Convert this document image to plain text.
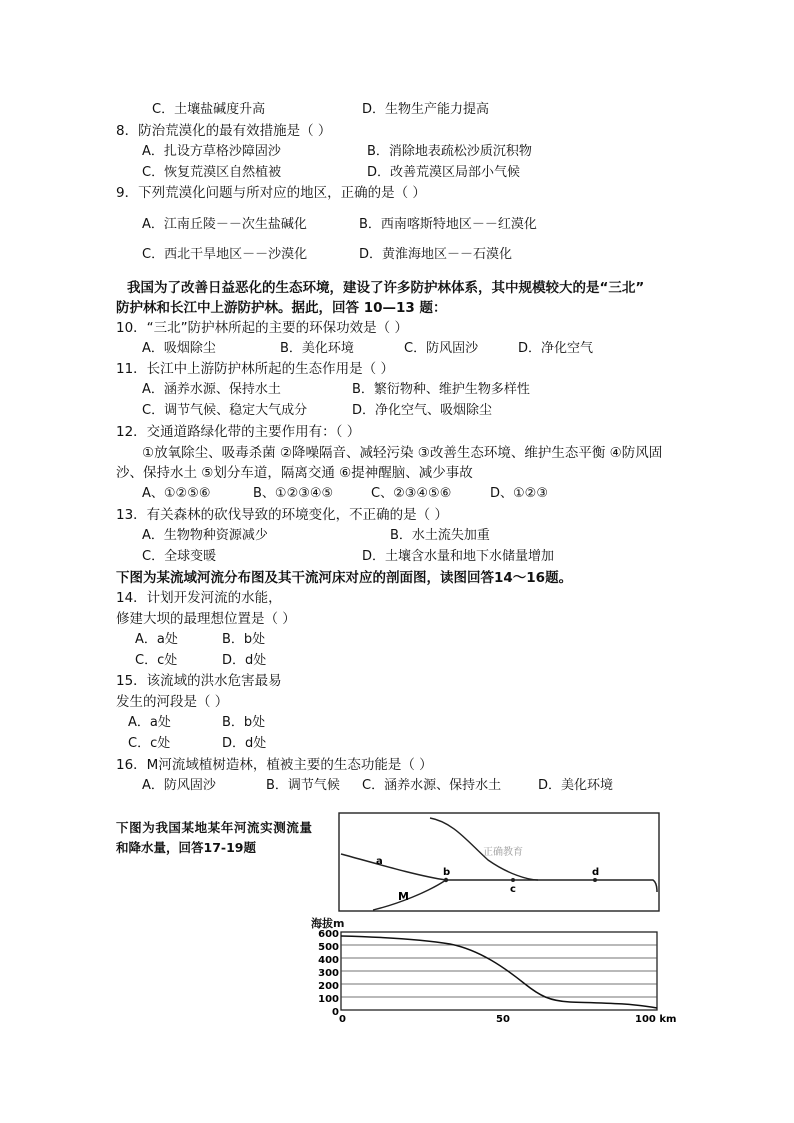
C．土壤盐碱度升高	D．生物生产能力提高
8．防治荒漠化的最有效措施是（ ）
A．扎设方草格沙障固沙	B．消除地表疏松沙质沉积物
C．恢复荒漠区自然植被	D．改善荒漠区局部小气候
9．下列荒漠化问题与所对应的地区，正确的是（ ）
A．江南丘陵－－次生盐碱化	B．西南喀斯特地区－－红漠化
C．西北干旱地区－－沙漠化	D．黄淮海地区－－石漠化
我国为了改善日益恶化的生态环境，建设了许多防护林体系，其中规模较大的是“三北”
防护林和长江中上游防护林。据此，回答 10—13 题：
10．“三北”防护林所起的主要的环保功效是（ ）
A．吸烟除尘	B．美化环境	C．防风固沙	D．净化空气
11．长江中上游防护林所起的生态作用是（ ）
A．涵养水源、保持水土	B．繁衍物种、维护生物多样性
C．调节气候、稳定大气成分	D．净化空气、吸烟除尘
12．交通道路绿化带的主要作用有：（ ）
①放氧除尘、吸毒杀菌 ②降噪隔音、减轻污染 ③改善生态环境、维护生态平衡 ④防风固
沙、保持水土 ⑤划分车道，隔离交通 ⑥提神醒脑、减少事故
A、①②⑤⑥	B、①②③④⑤	C、②③④⑤⑥	D、①②③
13．有关森林的砍伐导致的环境变化，不正确的是（ ）
A．生物物种资源减少	B．水土流失加重
C．全球变暖	D．土壤含水量和地下水储量增加
下图为某流域河流分布图及其干流河床对应的剖面图，读图回答14～16题。
14．计划开发河流的水能，
修建大坝的最理想位置是（ ）
A．a处	B．b处
C．c处	D．d处
15．该流域的洪水危害最易
发生的河段是（ ）
A．a处	B．b处
C．c处	D．d处
16．M河流域植树造林，植被主要的生态功能是（ ）
A．防风固沙	B．调节气候 C．涵养水源、保持水土	D．美化环境
下图为我国某地某年河流实测流量和降水量，回答17-19题
a
b
c
d
M
正确教育
海拔m
600
500
400
300
200
100
0
0	50	100 km
